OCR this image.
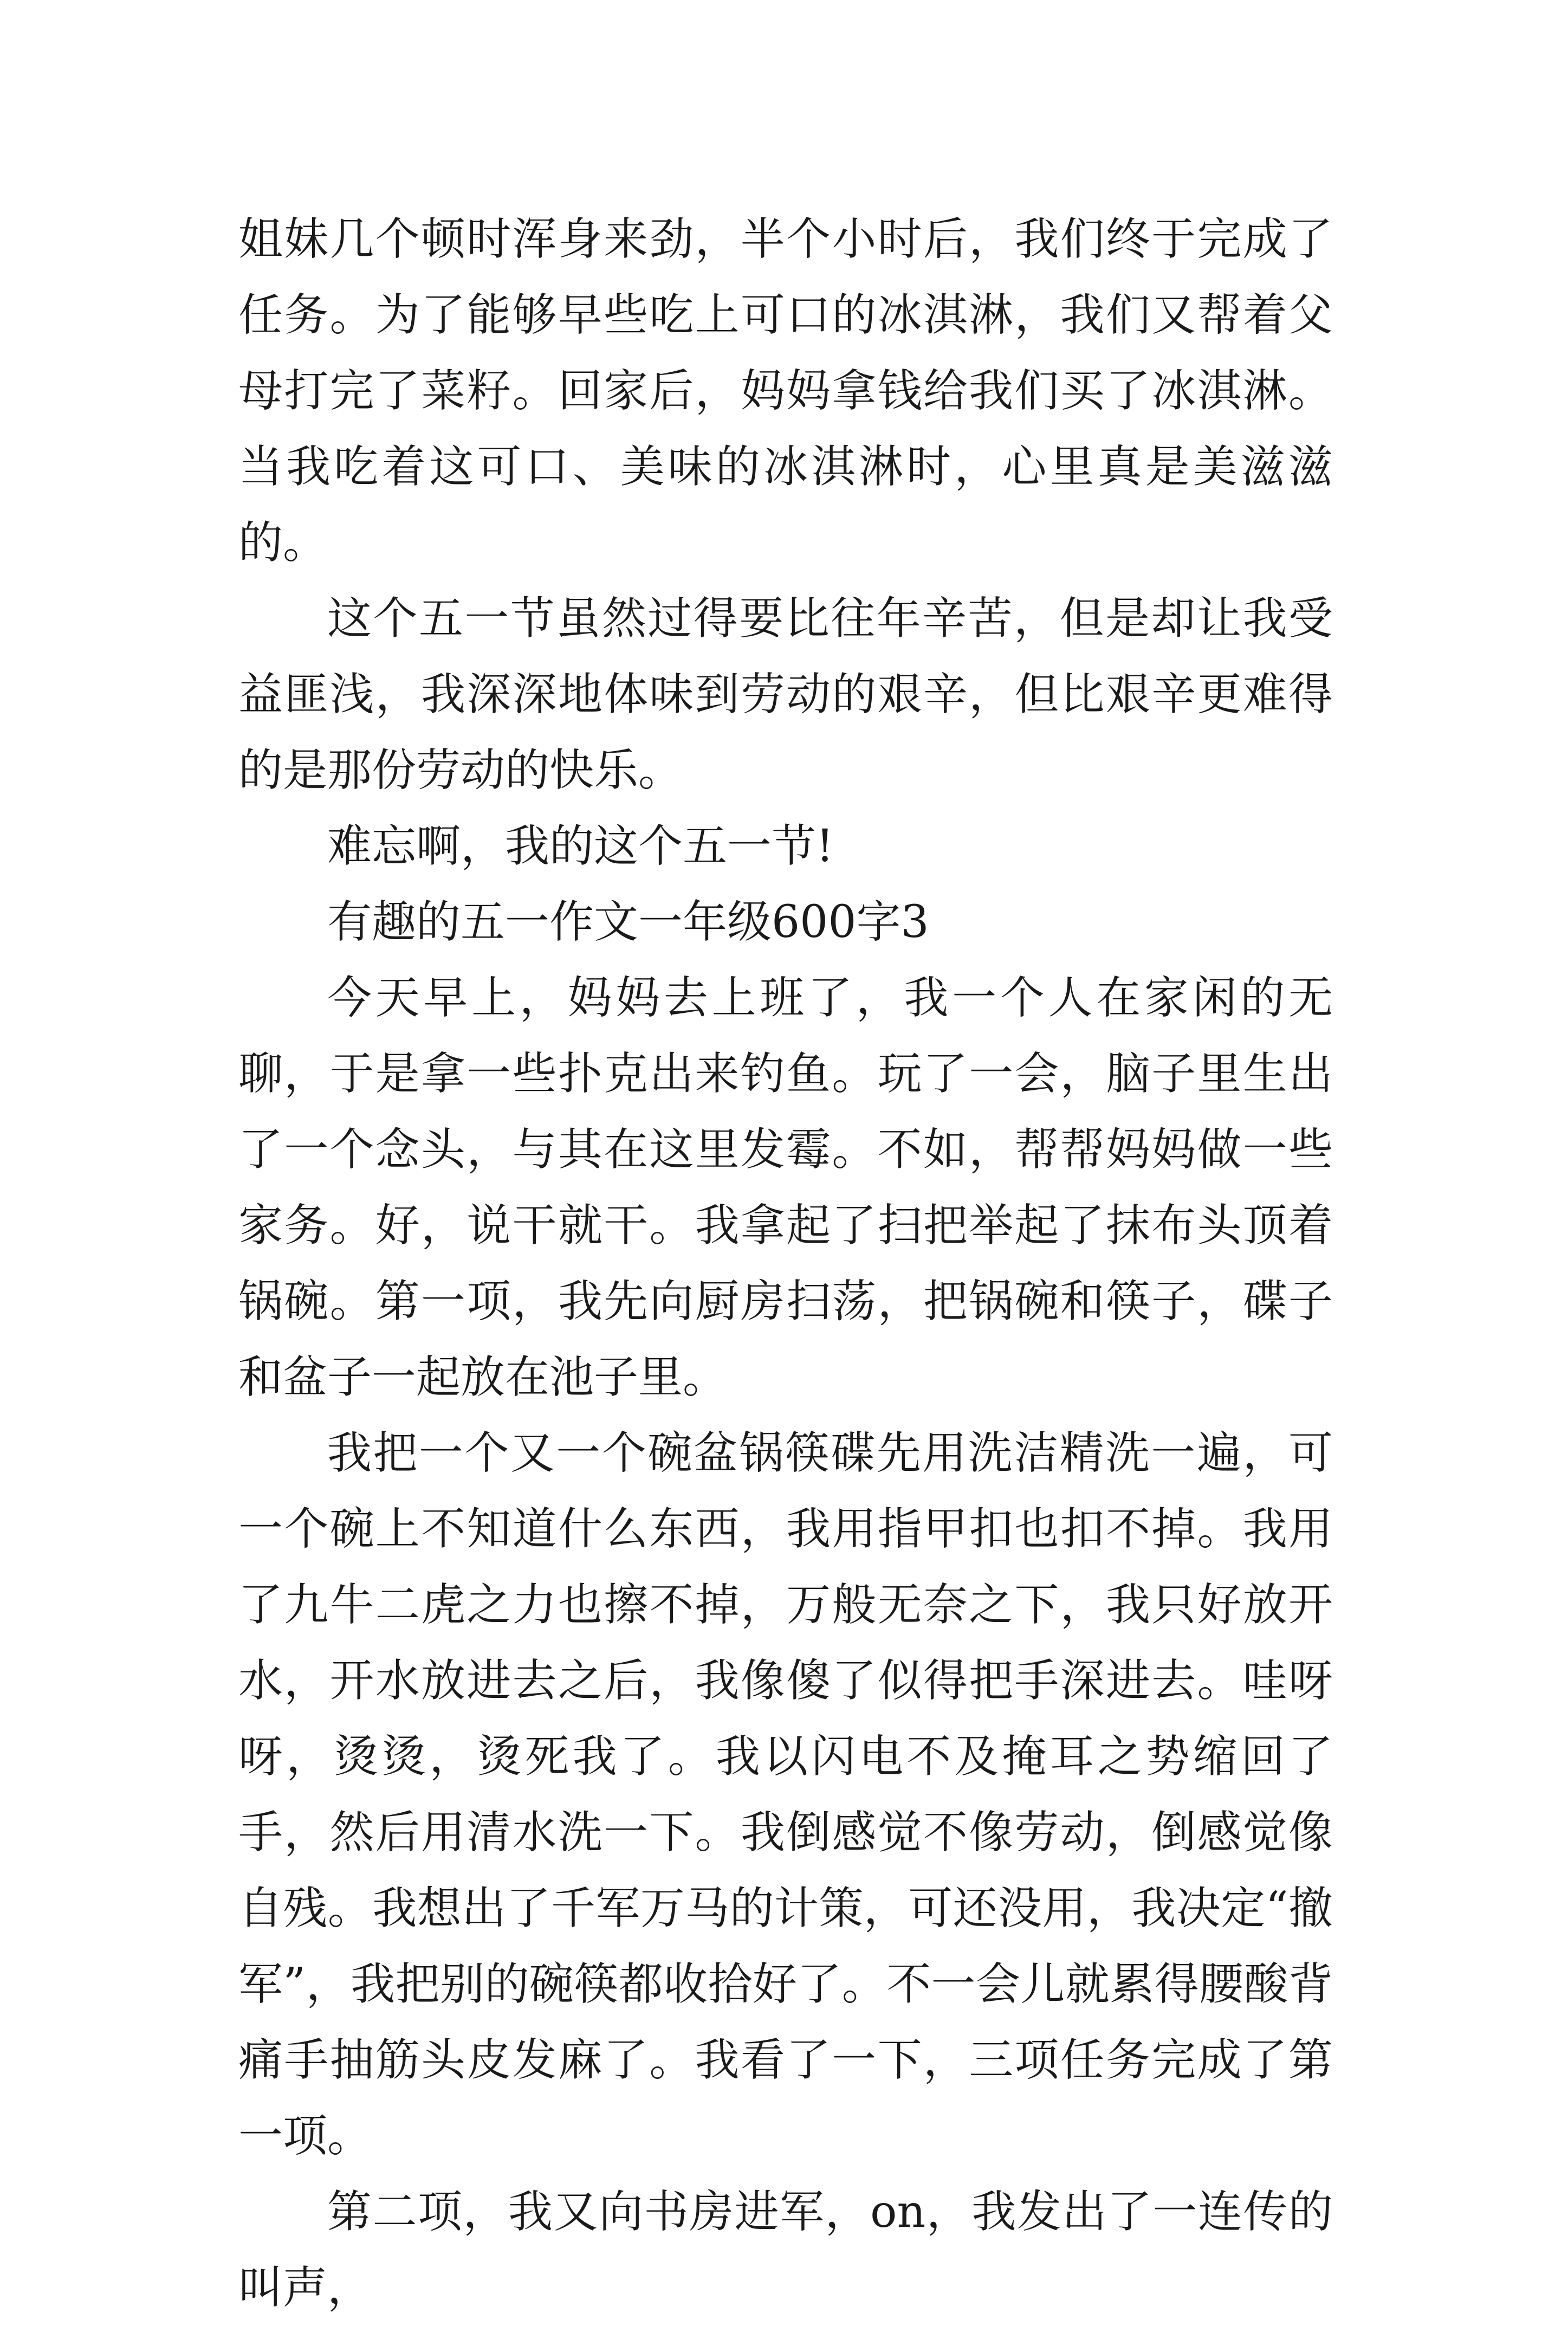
姐妹几个顿时浑身来劲，半个小时后，我们终于完成了任务。为了能够早些吃上可口的冰淇淋，我们又帮着父母打完了菜籽。回家后，妈妈拿钱给我们买了冰淇淋。当我吃着这可口、美味的冰淇淋时，心里真是美滋滋的。

这个五一节虽然过得要比往年辛苦，但是却让我受益匪浅，我深深地体味到劳动的艰辛，但比艰辛更难得的是那份劳动的快乐。

难忘啊，我的这个五一节!

有趣的五一作文一年级600字3

今天早上，妈妈去上班了，我一个人在家闲的无聊，于是拿一些扑克出来钓鱼。玩了一会，脑子里生出了一个念头，与其在这里发霉。不如，帮帮妈妈做一些家务。好，说干就干。我拿起了扫把举起了抹布头顶着锅碗。第一项，我先向厨房扫荡，把锅碗和筷子，碟子和盆子一起放在池子里。

我把一个又一个碗盆锅筷碟先用洗洁精洗一遍，可一个碗上不知道什么东西，我用指甲扣也扣不掉。我用了九牛二虎之力也擦不掉，万般无奈之下，我只好放开水，开水放进去之后，我像傻了似得把手深进去。哇呀呀，烫烫，烫死我了。我以闪电不及掩耳之势缩回了手，然后用清水洗一下。我倒感觉不像劳动，倒感觉像自残。我想出了千军万马的计策，可还没用，我决定“撤军”，我把别的碗筷都收拾好了。不一会儿就累得腰酸背痛手抽筋头皮发麻了。我看了一下，三项任务完成了第一项。

第二项，我又向书房进军，on，我发出了一连传的叫声，
